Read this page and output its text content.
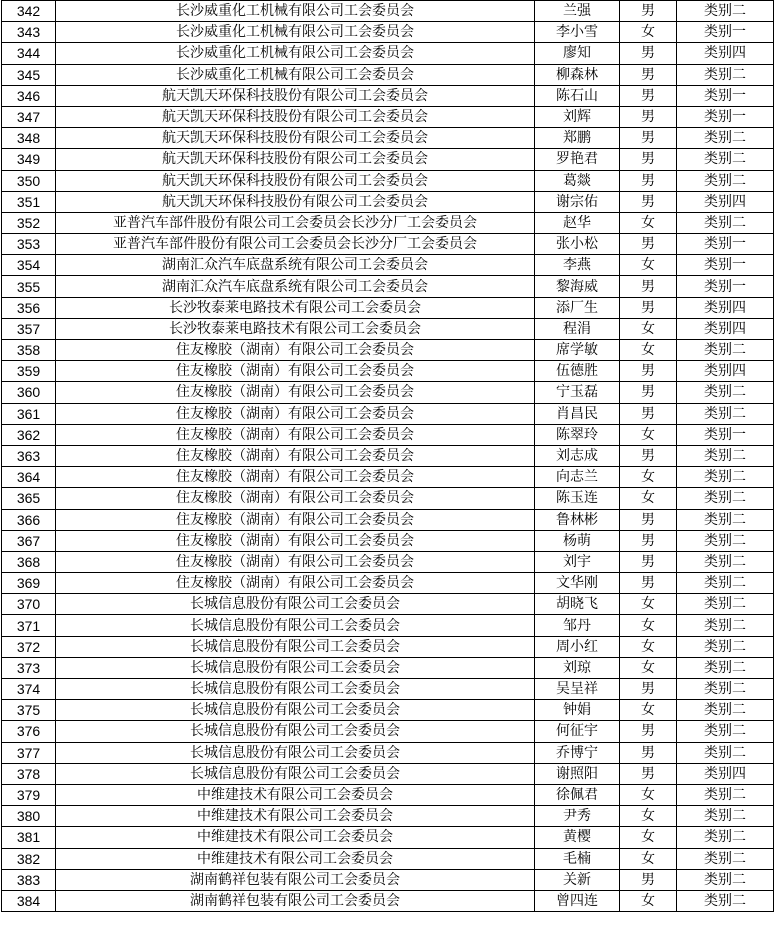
342	长沙威重化工机械有限公司工会委员会	兰强	男	类别二
343	长沙威重化工机械有限公司工会委员会	李小雪	女	类别一
344	长沙威重化工机械有限公司工会委员会	廖知	男	类别四
345	长沙威重化工机械有限公司工会委员会	柳森林	男	类别二
346	航天凯天环保科技股份有限公司工会委员会	陈石山	男	类别一
347	航天凯天环保科技股份有限公司工会委员会	刘辉	男	类别一
348	航天凯天环保科技股份有限公司工会委员会	郑鹏	男	类别二
349	航天凯天环保科技股份有限公司工会委员会	罗艳君	男	类别二
350	航天凯天环保科技股份有限公司工会委员会	葛燚	男	类别二
351	航天凯天环保科技股份有限公司工会委员会	谢宗佑	男	类别四
352	亚普汽车部件股份有限公司工会委员会长沙分厂工会委员会	赵华	女	类别二
353	亚普汽车部件股份有限公司工会委员会长沙分厂工会委员会	张小松	男	类别一
354	湖南汇众汽车底盘系统有限公司工会委员会	李燕	女	类别一
355	湖南汇众汽车底盘系统有限公司工会委员会	黎海威	男	类别一
356	长沙牧泰莱电路技术有限公司工会委员会	添厂生	男	类别四
357	长沙牧泰莱电路技术有限公司工会委员会	程涓	女	类别四
358	住友橡胶（湖南）有限公司工会委员会	席学敏	女	类别二
359	住友橡胶（湖南）有限公司工会委员会	伍德胜	男	类别四
360	住友橡胶（湖南）有限公司工会委员会	宁玉磊	男	类别二
361	住友橡胶（湖南）有限公司工会委员会	肖昌民	男	类别二
362	住友橡胶（湖南）有限公司工会委员会	陈翠玲	女	类别一
363	住友橡胶（湖南）有限公司工会委员会	刘志成	男	类别二
364	住友橡胶（湖南）有限公司工会委员会	向志兰	女	类别二
365	住友橡胶（湖南）有限公司工会委员会	陈玉连	女	类别二
366	住友橡胶（湖南）有限公司工会委员会	鲁林彬	男	类别二
367	住友橡胶（湖南）有限公司工会委员会	杨萌	男	类别二
368	住友橡胶（湖南）有限公司工会委员会	刘宇	男	类别二
369	住友橡胶（湖南）有限公司工会委员会	文华刚	男	类别二
370	长城信息股份有限公司工会委员会	胡晓飞	女	类别二
371	长城信息股份有限公司工会委员会	邹丹	女	类别二
372	长城信息股份有限公司工会委员会	周小红	女	类别二
373	长城信息股份有限公司工会委员会	刘琼	女	类别二
374	长城信息股份有限公司工会委员会	吴呈祥	男	类别二
375	长城信息股份有限公司工会委员会	钟娟	女	类别二
376	长城信息股份有限公司工会委员会	何征宇	男	类别二
377	长城信息股份有限公司工会委员会	乔博宁	男	类别二
378	长城信息股份有限公司工会委员会	谢照阳	男	类别四
379	中维建技术有限公司工会委员会	徐佩君	女	类别二
380	中维建技术有限公司工会委员会	尹秀	女	类别二
381	中维建技术有限公司工会委员会	黄樱	女	类别二
382	中维建技术有限公司工会委员会	毛楠	女	类别二
383	湖南鹤祥包装有限公司工会委员会	关新	男	类别二
384	湖南鹤祥包装有限公司工会委员会	曾四连	女	类别二
